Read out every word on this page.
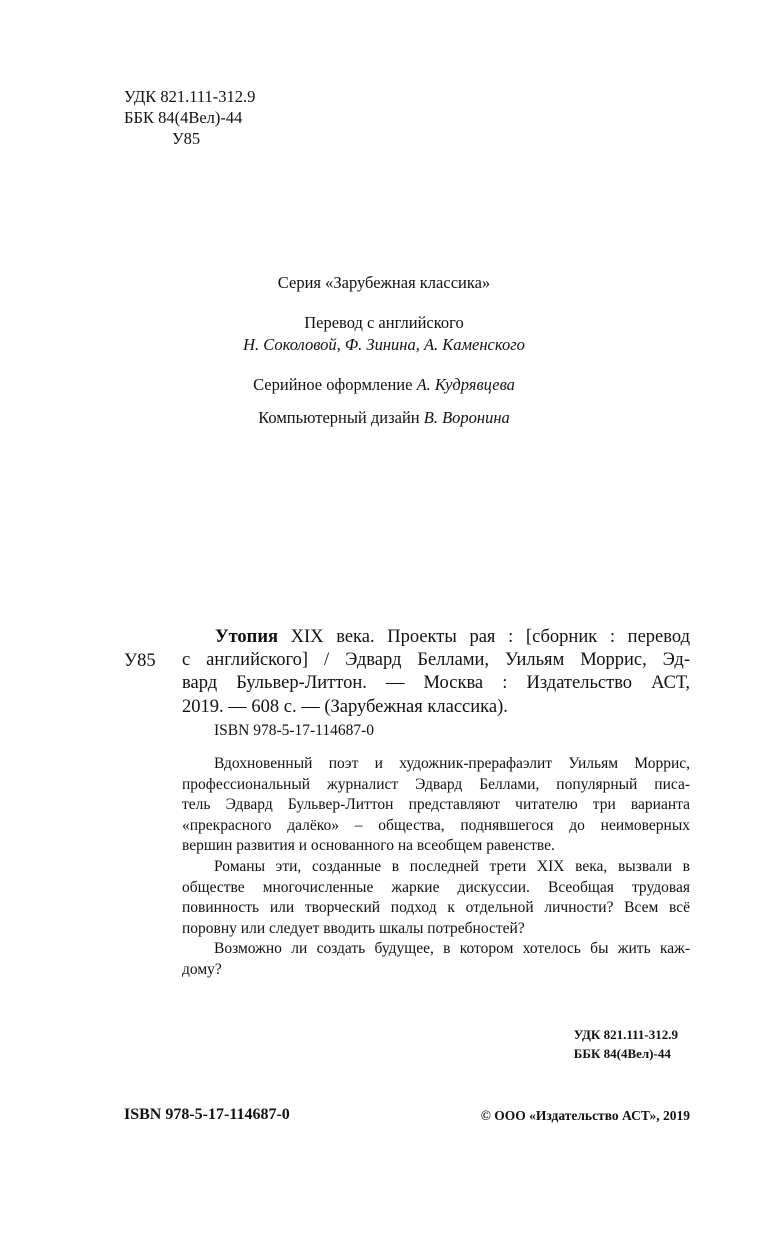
УДК 821.111-312.9
ББК 84(4Вел)-44
У85
Серия «Зарубежная классика»
Перевод с английского
Н. Соколовой, Ф. Зинина, А. Каменского
Серийное оформление А. Кудрявцева
Компьютерный дизайн В. Воронина
У85
Утопия XIX века. Проекты рая : [сборник : перевод
с английского] / Эдвард Беллами, Уильям Моррис, Эд-
вард Бульвер-Литтон. — Москва : Издательство АСТ,
2019. — 608 с. — (Зарубежная классика).
ISBN 978-5-17-114687-0
Вдохновенный поэт и художник-прерафаэлит Уильям Моррис,
профессиональный журналист Эдвард Беллами, популярный писа-
тель Эдвард Бульвер-Литтон представляют читателю три варианта
«прекрасного далёко» – общества, поднявшегося до неимоверных
вершин развития и основанного на всеобщем равенстве.
Романы эти, созданные в последней трети XIX века, вызвали в
обществе многочисленные жаркие дискуссии. Всеобщая трудовая
повинность или творческий подход к отдельной личности? Всем всё
поровну или следует вводить шкалы потребностей?
Возможно ли создать будущее, в котором хотелось бы жить каж-
дому?
УДК 821.111-312.9
ББК 84(4Вел)-44
ISBN 978-5-17-114687-0	© ООО «Издательство АСТ», 2019
